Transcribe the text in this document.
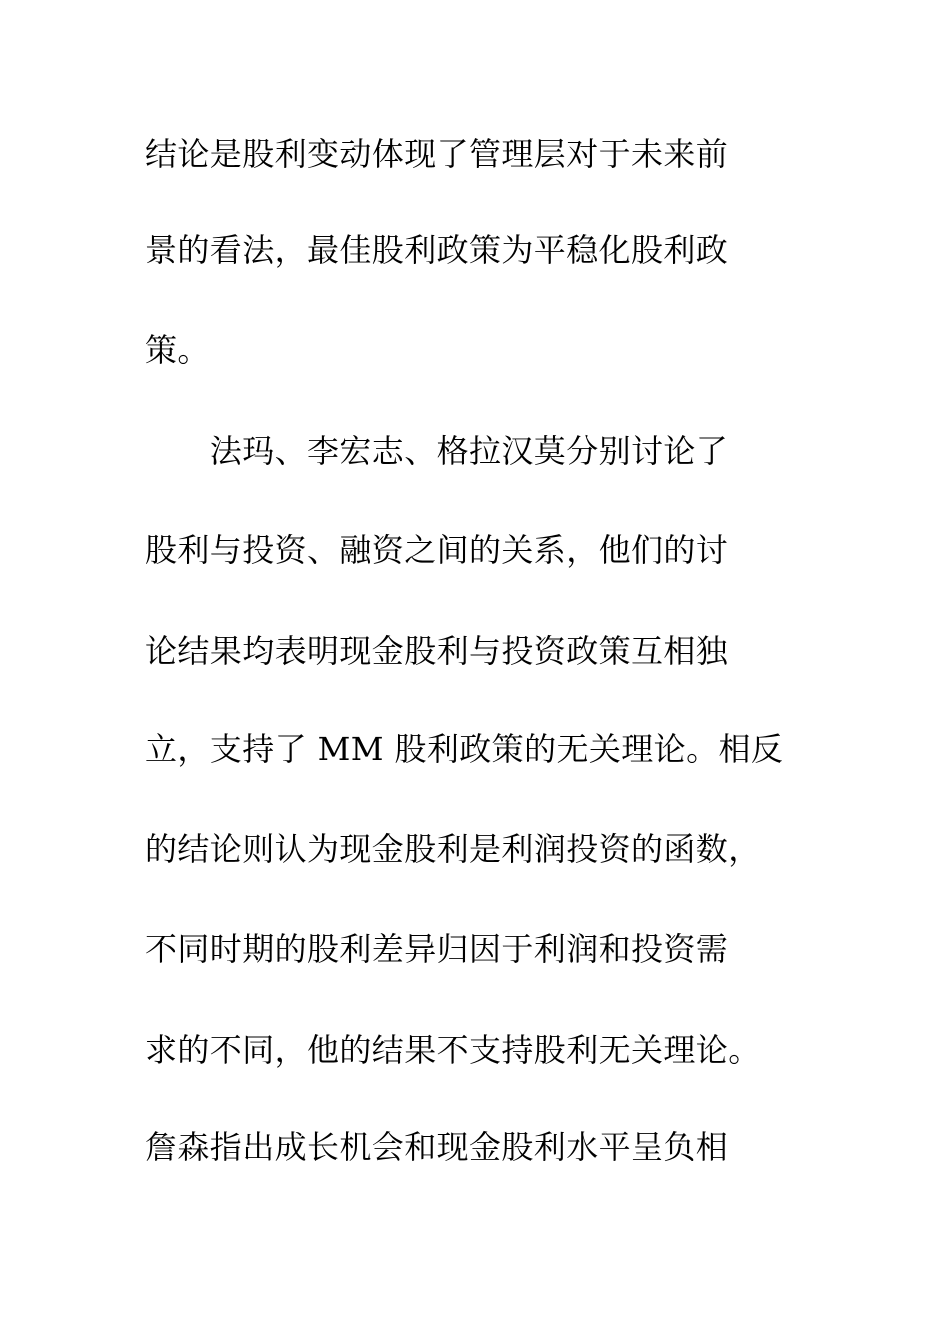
结论是股利变动体现了管理层对于未来前
景的看法，最佳股利政策为平稳化股利政
策。
　　法玛、李宏志、格拉汉莫分别讨论了
股利与投资、融资之间的关系，他们的讨
论结果均表明现金股利与投资政策互相独
立，支持了 MM 股利政策的无关理论。相反
的结论则认为现金股利是利润投资的函数，
不同时期的股利差异归因于利润和投资需
求的不同，他的结果不支持股利无关理论。
詹森指出成长机会和现金股利水平呈负相
